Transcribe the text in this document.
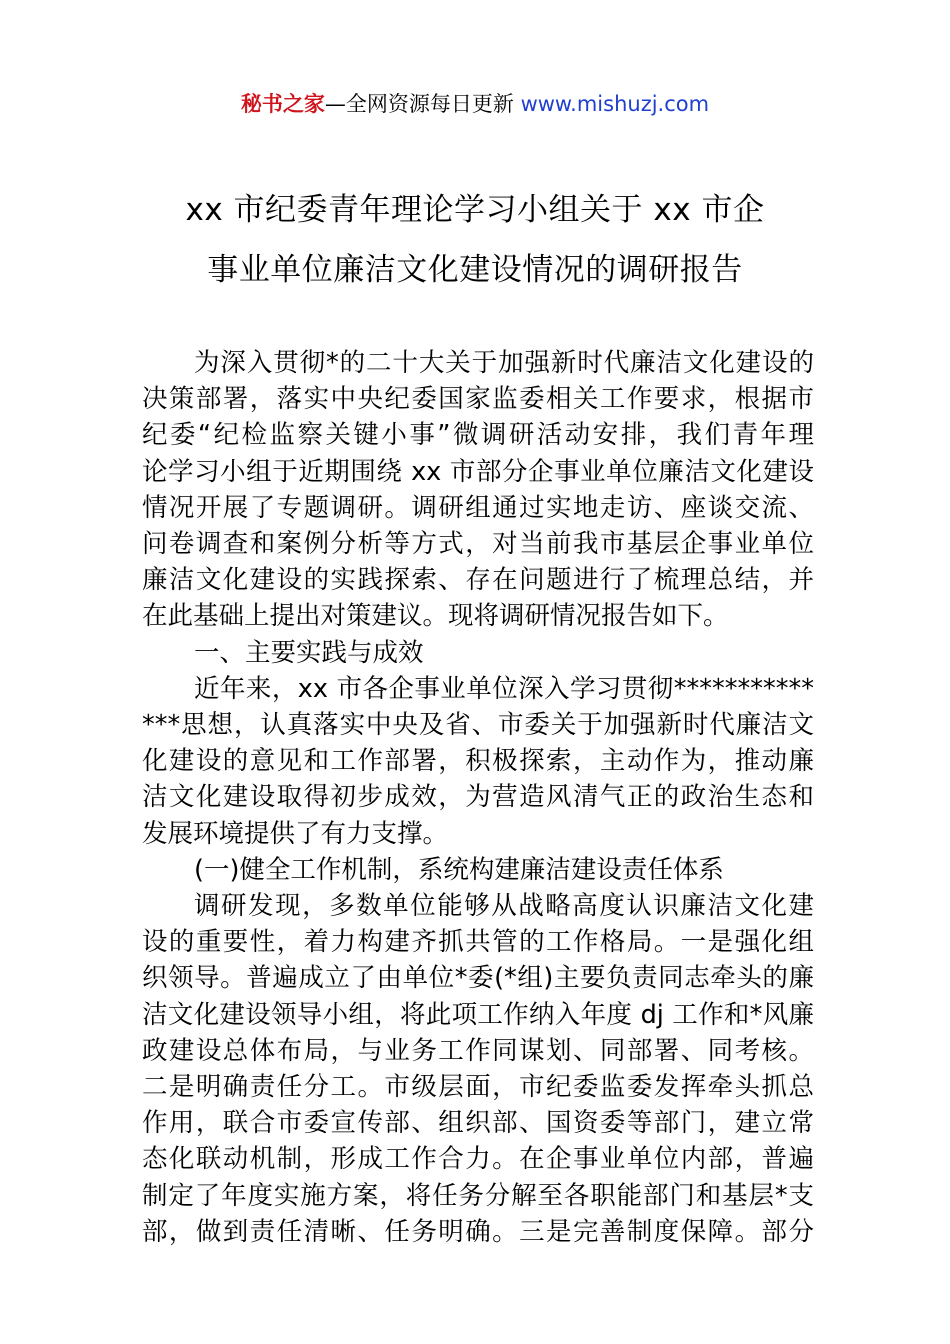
秘书之家—全网资源每日更新 www.mishuzj.com
xx 市纪委青年理论学习小组关于 xx 市企
事业单位廉洁文化建设情况的调研报告
为深入贯彻*的二十大关于加强新时代廉洁文化建设的
决策部署，落实中央纪委国家监委相关工作要求，根据市
纪委“纪检监察关键小事”微调研活动安排，我们青年理
论学习小组于近期围绕 xx 市部分企事业单位廉洁文化建设
情况开展了专题调研。调研组通过实地走访、座谈交流、
问卷调查和案例分析等方式，对当前我市基层企事业单位
廉洁文化建设的实践探索、存在问题进行了梳理总结，并
在此基础上提出对策建议。现将调研情况报告如下。
一、主要实践与成效
近年来，xx 市各企事业单位深入学习贯彻***********
***思想，认真落实中央及省、市委关于加强新时代廉洁文
化建设的意见和工作部署，积极探索，主动作为，推动廉
洁文化建设取得初步成效，为营造风清气正的政治生态和
发展环境提供了有力支撑。
(一)健全工作机制，系统构建廉洁建设责任体系
调研发现，多数单位能够从战略高度认识廉洁文化建
设的重要性，着力构建齐抓共管的工作格局。一是强化组
织领导。普遍成立了由单位*委(*组)主要负责同志牵头的廉
洁文化建设领导小组，将此项工作纳入年度 dj 工作和*风廉
政建设总体布局，与业务工作同谋划、同部署、同考核。
二是明确责任分工。市级层面，市纪委监委发挥牵头抓总
作用，联合市委宣传部、组织部、国资委等部门，建立常
态化联动机制，形成工作合力。在企事业单位内部，普遍
制定了年度实施方案，将任务分解至各职能部门和基层*支
部，做到责任清晰、任务明确。三是完善制度保障。部分
